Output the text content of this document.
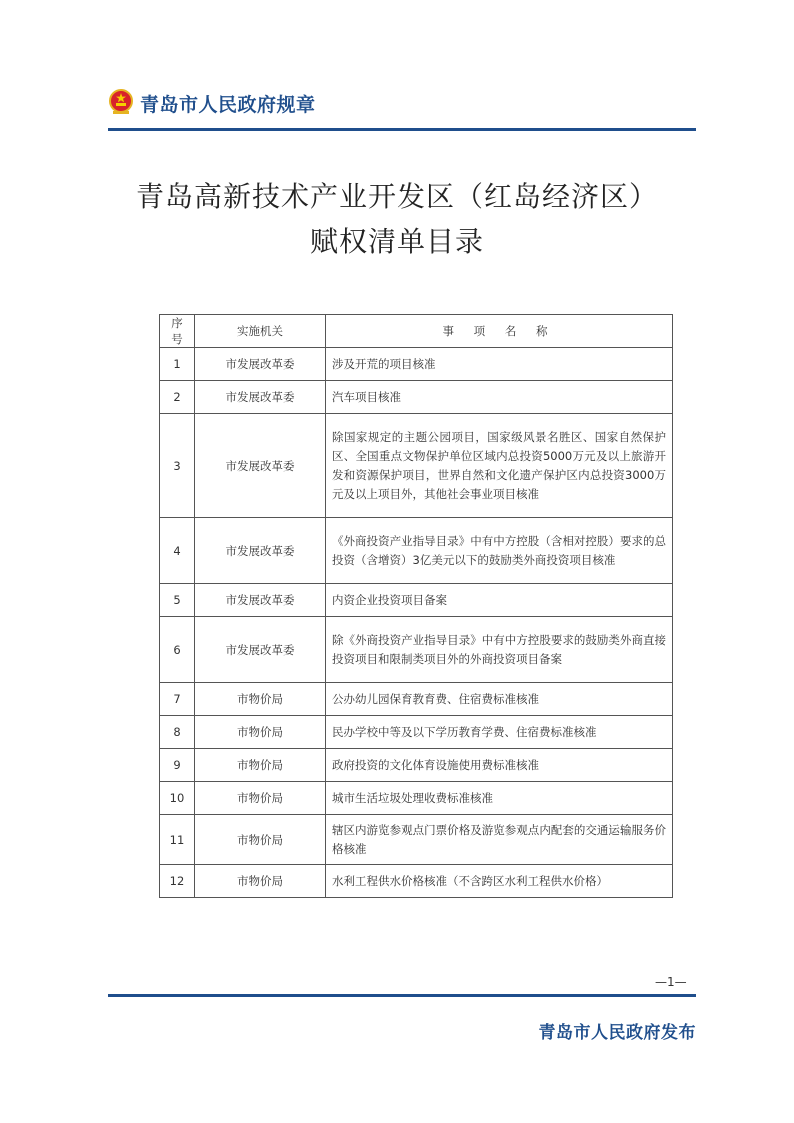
青岛市人民政府规章
青岛高新技术产业开发区（红岛经济区）
赋权清单目录
序号	实施机关	事 项 名 称
1	市发展改革委	涉及开荒的项目核准
2	市发展改革委	汽车项目核准
3	市发展改革委	除国家规定的主题公园项目，国家级风景名胜区、国家自然保护区、全国重点文物保护单位区域内总投资5000万元及以上旅游开发和资源保护项目，世界自然和文化遗产保护区内总投资3000万元及以上项目外，其他社会事业项目核准
4	市发展改革委	《外商投资产业指导目录》中有中方控股（含相对控股）要求的总投资（含增资）3亿美元以下的鼓励类外商投资项目核准
5	市发展改革委	内资企业投资项目备案
6	市发展改革委	除《外商投资产业指导目录》中有中方控股要求的鼓励类外商直接投资项目和限制类项目外的外商投资项目备案
7	市物价局	公办幼儿园保育教育费、住宿费标准核准
8	市物价局	民办学校中等及以下学历教育学费、住宿费标准核准
9	市物价局	政府投资的文化体育设施使用费标准核准
10	市物价局	城市生活垃圾处理收费标准核准
11	市物价局	辖区内游览参观点门票价格及游览参观点内配套的交通运输服务价格核准
12	市物价局	水利工程供水价格核准（不含跨区水利工程供水价格）
—1—
青岛市人民政府发布
